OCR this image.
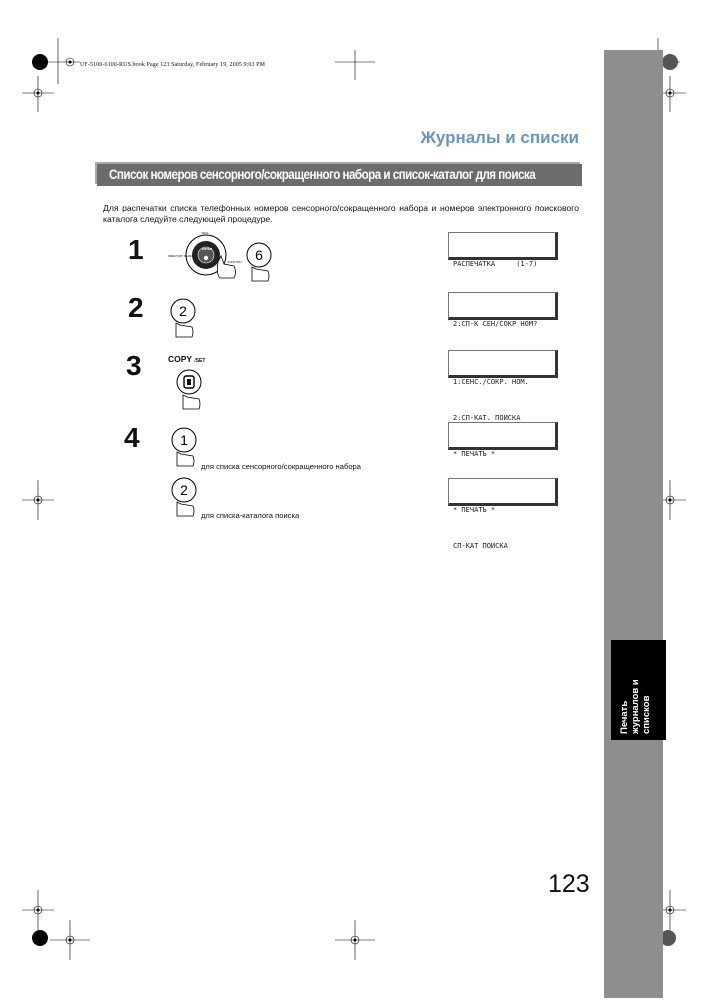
UF-5100-6100-RUS.book Page 123 Saturday, February 19, 2005 9:03 PM
Печать журналов и списков
Журналы и списки
Список номеров сенсорного/сокращенного набора и список-каталог для поиска
Для распечатки списка телефонных номеров сенсорного/сокращенного набора и номеров электронного поискового каталога следуйте следующей процедуре.
1	ENTER
DIAL
DIRECTORY SEARCH
FUNCTION 6

РАСПЕЧАТКА     (1-7)

2	2

2:СП-К СЕН/СОКР НОМ?

3	COPY /SET

1:СЕНС./СОКР. НОМ.

2:СП-КАТ. ПОИСКА

4	1
для списка сенсорного/сокращенного набора

* ПЕЧАТЬ *

2
для списка-каталога поиска

* ПЕЧАТЬ *

СП-КАТ ПОИСКА

123
